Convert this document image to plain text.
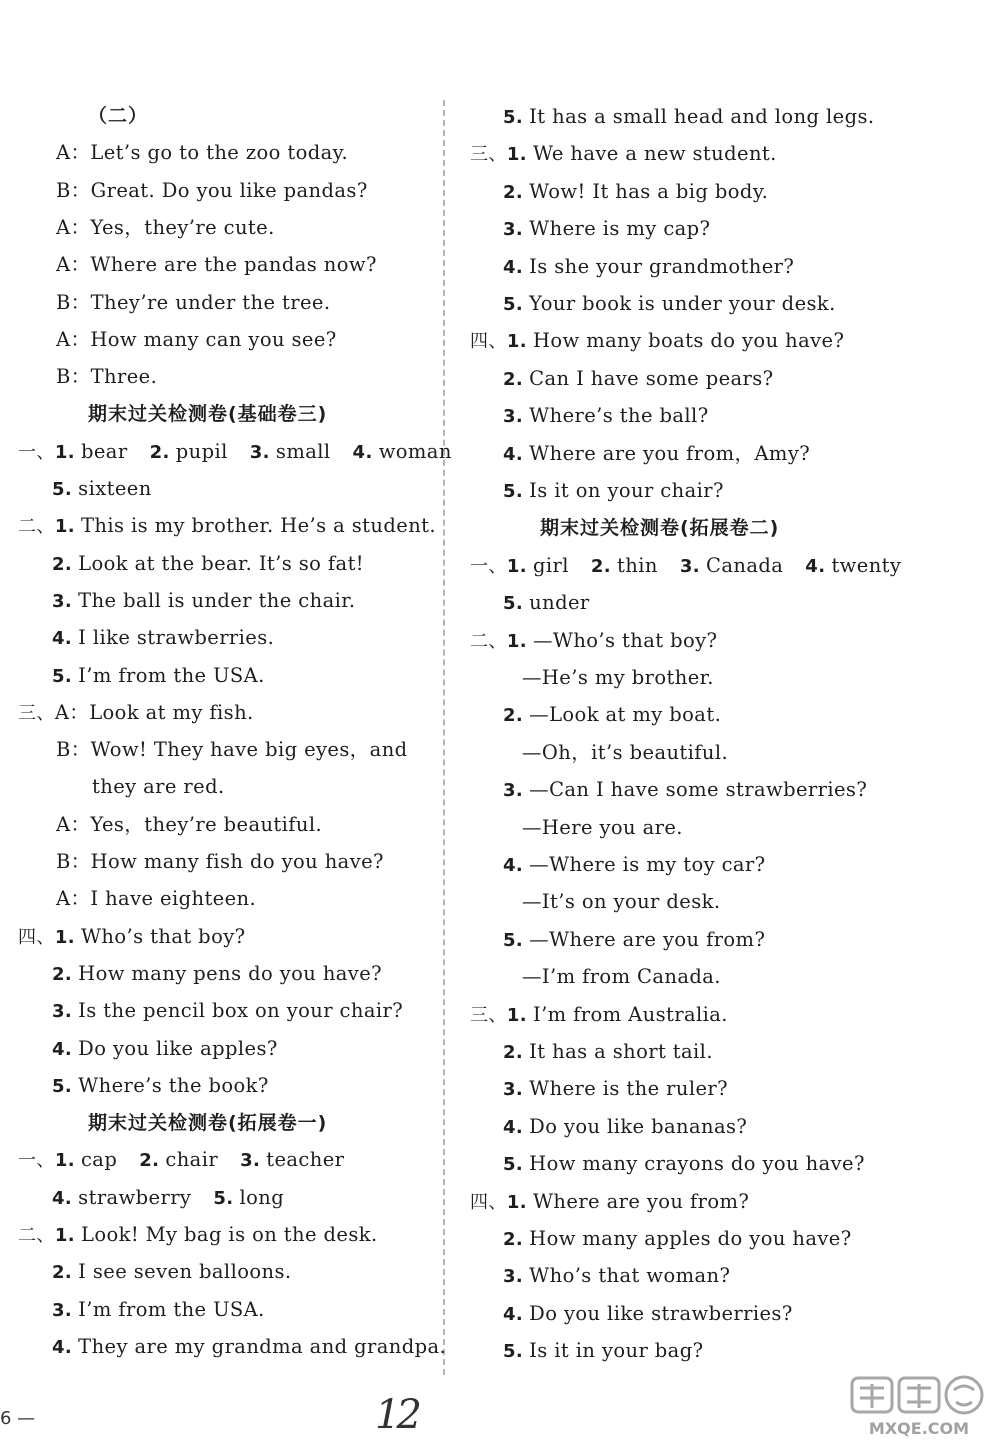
（二）
A：Let’s go to the zoo today.
B：Great. Do you like pandas?
A：Yes，they’re cute.
A：Where are the pandas now?
B：They’re under the tree.
A：How many can you see?
B：Three.
期末过关检测卷(基础卷三)
一、1. bear 2. pupil 3. small 4. woman
5. sixteen
二、1. This is my brother. He’s a student.
2. Look at the bear. It’s so fat!
3. The ball is under the chair.
4. I like strawberries.
5. I’m from the USA.
三、A：Look at my fish.
B：Wow! They have big eyes，and
they are red.
A：Yes，they’re beautiful.
B：How many fish do you have?
A：I have eighteen.
四、1. Who’s that boy?
2. How many pens do you have?
3. Is the pencil box on your chair?
4. Do you like apples?
5. Where’s the book?
期末过关检测卷(拓展卷一)
一、1. cap 2. chair 3. teacher
4. strawberry 5. long
二、1. Look! My bag is on the desk.
2. I see seven balloons.
3. I’m from the USA.
4. They are my grandma and grandpa.
5. It has a small head and long legs.
三、1. We have a new student.
2. Wow! It has a big body.
3. Where is my cap?
4. Is she your grandmother?
5. Your book is under your desk.
四、1. How many boats do you have?
2. Can I have some pears?
3. Where’s the ball?
4. Where are you from，Amy?
5. Is it on your chair?
期末过关检测卷(拓展卷二)
一、1. girl 2. thin 3. Canada 4. twenty
5. under
二、1. —Who’s that boy?
—He’s my brother.
2. —Look at my boat.
—Oh，it’s beautiful.
3. —Can I have some strawberries?
—Here you are.
4. —Where is my toy car?
—It’s on your desk.
5. —Where are you from?
—I’m from Canada.
三、1. I’m from Australia.
2. It has a short tail.
3. Where is the ruler?
4. Do you like bananas?
5. How many crayons do you have?
四、1. Where are you from?
2. How many apples do you have?
3. Who’s that woman?
4. Do you like strawberries?
5. Is it in your bag?
6 —	12	MXQE.COM
